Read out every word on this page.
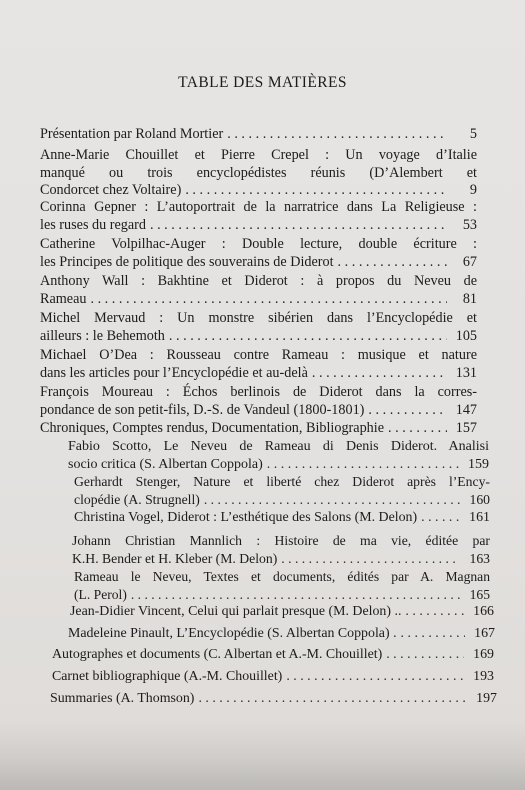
TABLE DES MATIÈRES
Présentation par Roland Mortier . . .	5
Anne-Marie Chouillet et Pierre Crepel : Un voyage d’Italie
manqué ou trois encyclopédistes réunis (D’Alembert et
Condorcet chez Voltaire) . . .	9
Corinna Gepner : L’autoportrait de la narratrice dans La Religieuse :
les ruses du regard . . .	53
Catherine Volpilhac-Auger : Double lecture, double écriture :
les Principes de politique des souverains de Diderot . . .	67
Anthony Wall : Bakhtine et Diderot : à propos du Neveu de
Rameau . . .	81
Michel Mervaud : Un monstre sibérien dans l’Encyclopédie et
ailleurs : le Behemoth . . .	105
Michael O’Dea : Rousseau contre Rameau : musique et nature
dans les articles pour l’Encyclopédie et au-delà . . .	131
François Moureau : Échos berlinois de Diderot dans la corres-
pondance de son petit-fils, D.-S. de Vandeul (1800-1801) . . .	147
Chroniques, Comptes rendus, Documentation, Bibliographie . . .	157
Fabio Scotto, Le Neveu de Rameau di Denis Diderot. Analisi
socio critica (S. Albertan Coppola) . . .	159
Gerhardt Stenger, Nature et liberté chez Diderot après l’Ency-
clopédie (A. Strugnell) . . .	160
Christina Vogel, Diderot : L’esthétique des Salons (M. Delon) . . .	161
Johann Christian Mannlich : Histoire de ma vie, éditée par
K.H. Bender et H. Kleber (M. Delon) . . .	163
Rameau le Neveu, Textes et documents, édités par A. Magnan
(L. Perol) . . .	165
Jean-Didier Vincent, Celui qui parlait presque (M. Delon) .. . . .	166
Madeleine Pinault, L’Encyclopédie (S. Albertan Coppola) . . . .	167
Autographes et documents (C. Albertan et A.-M. Chouillet) . . .	169
Carnet bibliographique (A.-M. Chouillet) . . .	193
Summaries (A. Thomson) . . .	197
